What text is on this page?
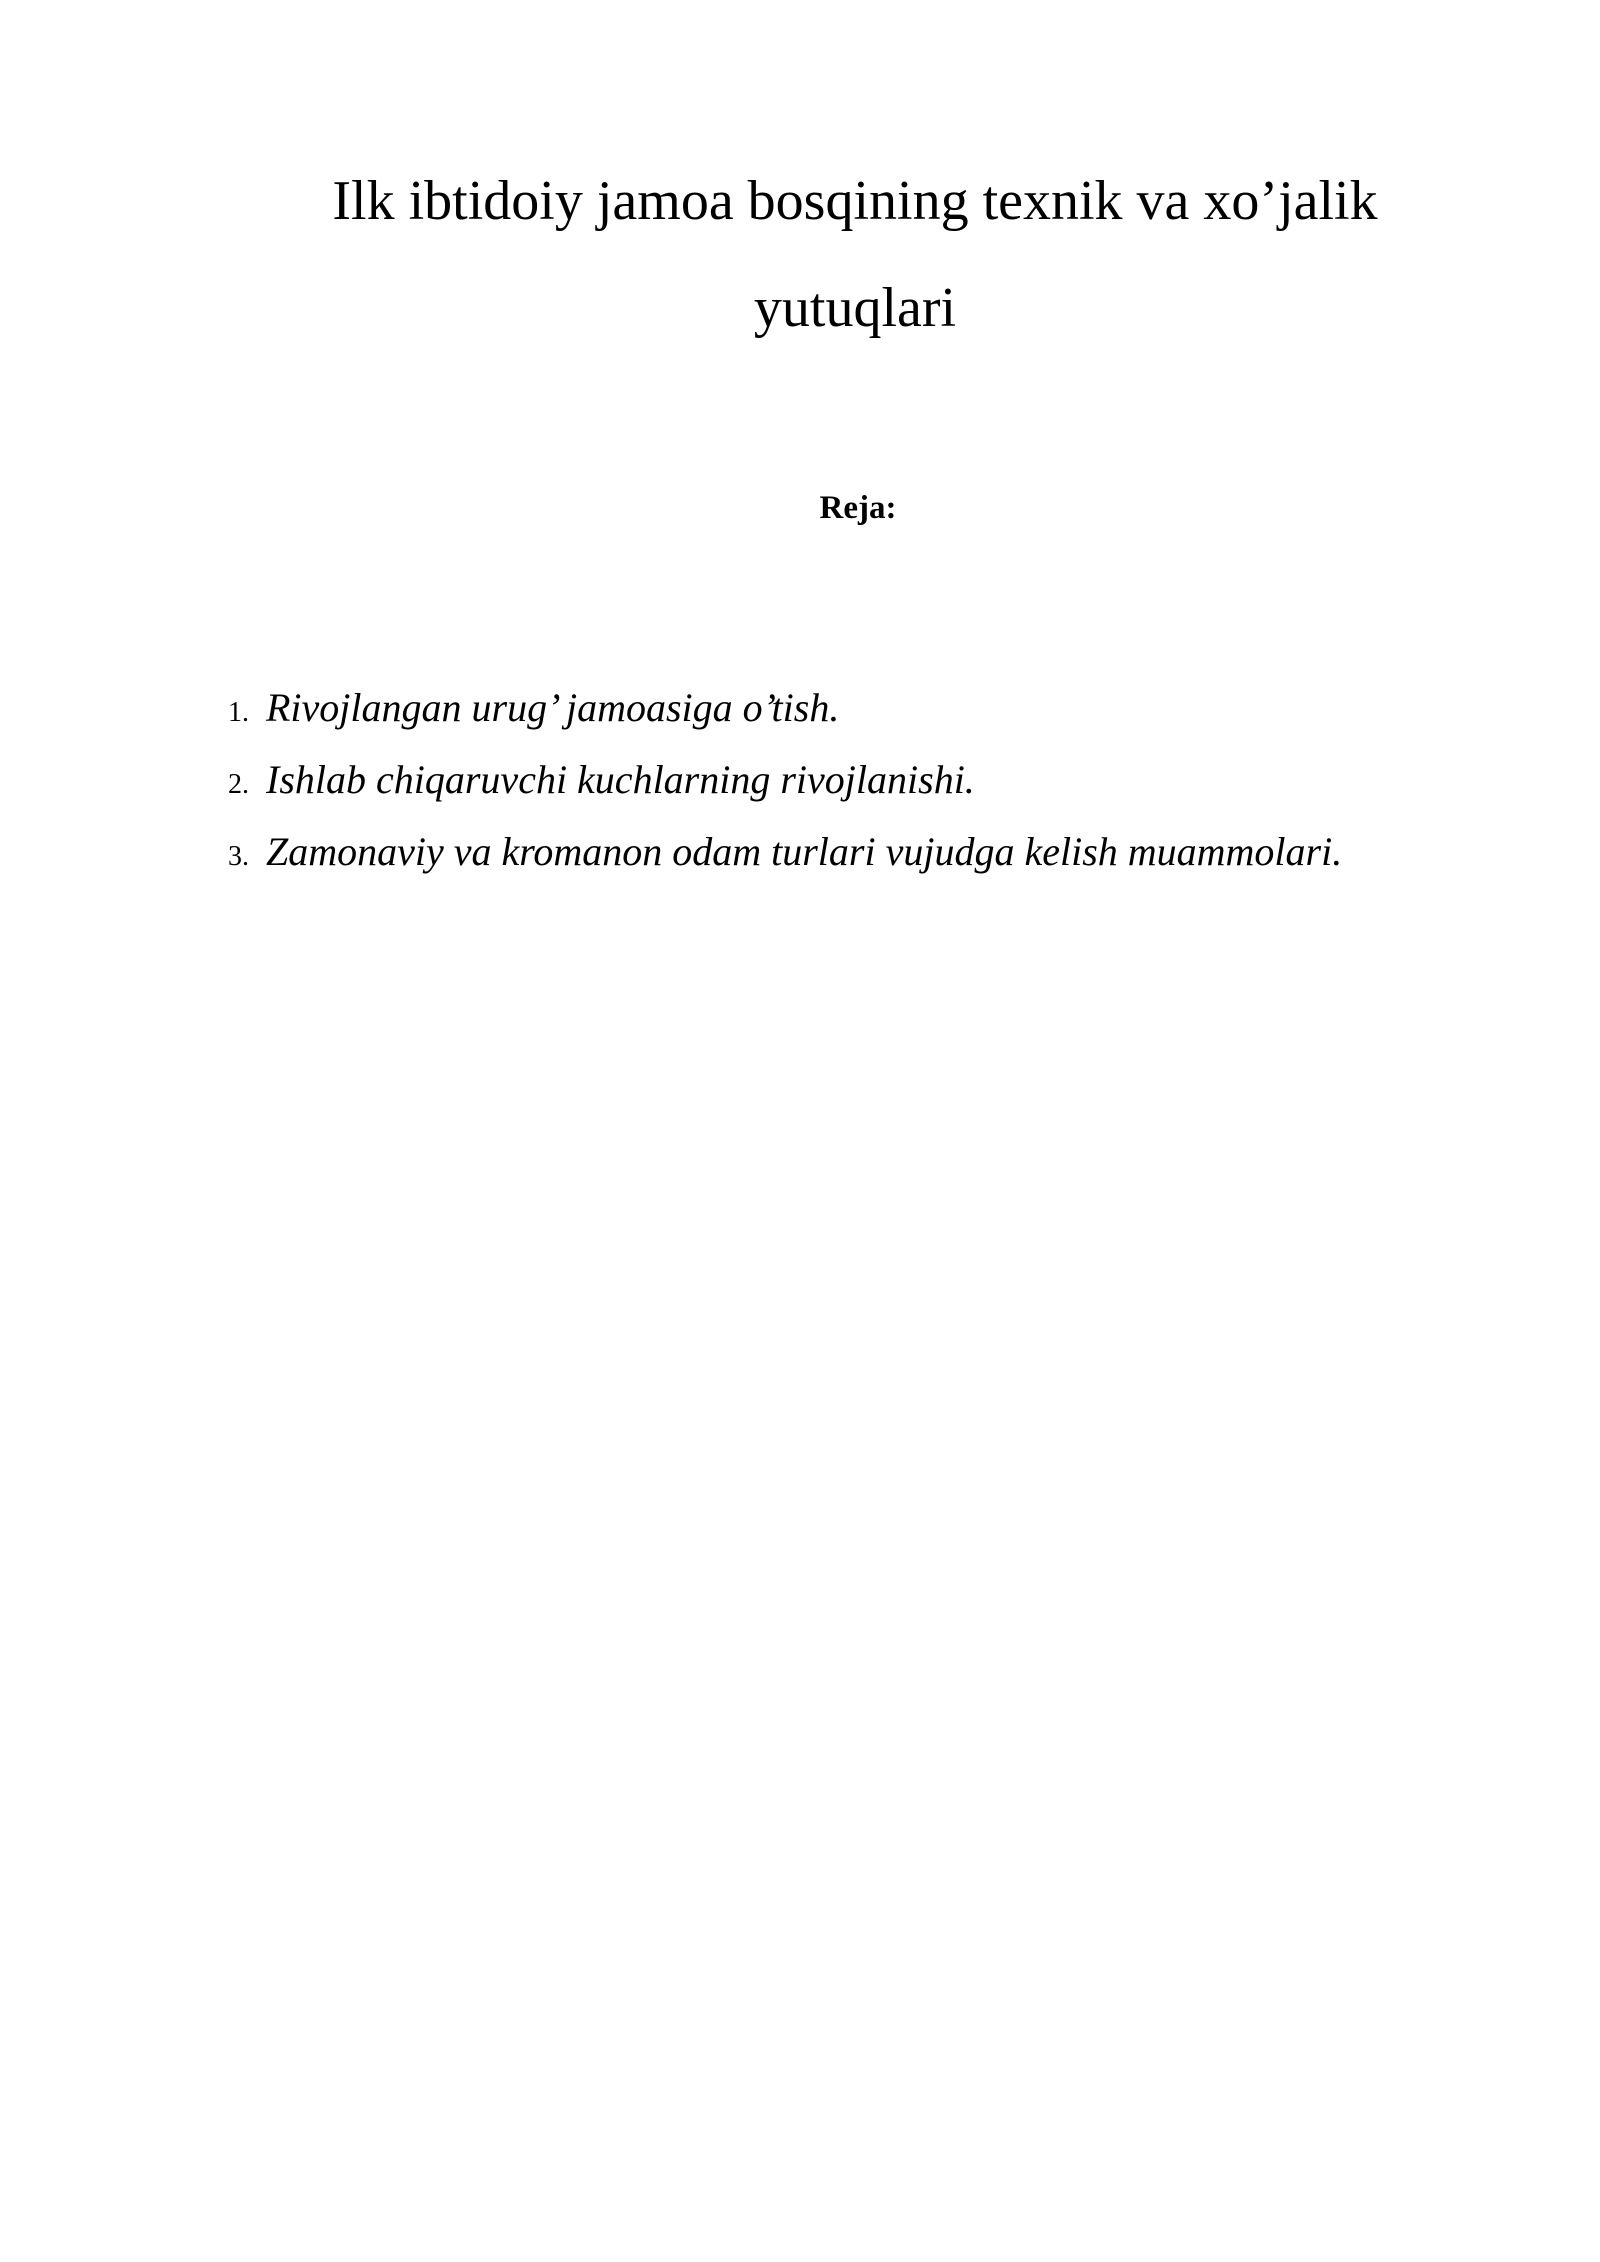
Ilk ibtidoiy jamoa bosqining texnik va xo’jalik
yutuqlari
Reja:
1. Rivojlangan urug’ jamoasiga o’tish.
2. Ishlab chiqaruvchi kuchlarning rivojlanishi.
3. Zamonaviy va kromanon odam turlari vujudga kelish muammolari.
